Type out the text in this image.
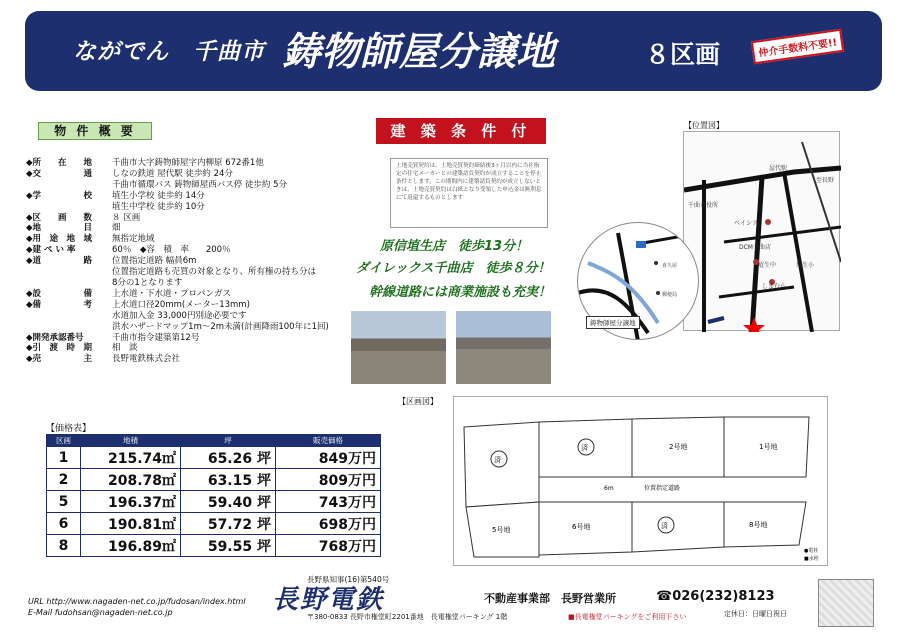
ながでん　千曲市 鋳物師屋分譲地	８区画	仲介手数料不要!!
物 件 概 要
◆所　　在　　地	千曲市大字鋳物師屋字内柳原 672番1他
◆交　　　　　通	しなの鉄道 屋代駅 徒歩約 24分
千曲市循環バス 鋳物師屋西バス停 徒歩約 5分
◆学　　　　　校	埴生小学校 徒歩約 14分
埴生中学校 徒歩約 10分
◆区　　画　　数	８ 区画
◆地　　　　　目	畑
◆用　途　地　域	無指定地域
◆建 ぺ い 率	60％　◆容　積　率　　200％
◆道　　　　　路	位置指定道路 幅員6m
位置指定道路も売買の対象となり、所有権の持ち分は
8分の1となります
◆設　　　　　備	上水道・下水道・プロパンガス
◆備　　　　　考	上水道口径20mm(メーター13mm)
水道加入金 33,000円別途必要です
洪水ハザードマップ1m～2m未満(計画降雨100年に1回)
◆開発承認番号	千曲市指令建築第12号
◆引　渡　時　期	相　談
◆売　　　　　主	長野電鉄株式会社
建 築 条 件 付
土地売買契約は、土地売買契約締結後3ヶ月以内に当社指定の住宅メーカーとの建築請負契約が成立することを停止条件とします。この期間内に建築請負契約が成立しないときは、土地売買契約は白紙となり受領した申込金は無利息にて返還するものとします
【位置図】
千曲市役所
ベイシア
DCM千曲店
埴生中	埴生小
しまむら
屋代駅
至長野
原信埴生店　徒歩13分！
ダイレックス千曲店　徒歩８分！
幹線道路には商業施設も充実！
喜久屋
郵便局
鋳物師屋分譲地
【区画図】
済
済
済
2号地	1号地
5号地	6号地	8号地
位置指定道路
6m
●電柱
■水栓
【価格表】
区画	地積	坪	販売価格
1	215.74㎡	65.26 坪	849万円
2	208.78㎡	63.15 坪	809万円
5	196.37㎡	59.40 坪	743万円
6	190.81㎡	57.72 坪	698万円
8	196.89㎡	59.55 坪	768万円
URL http://www.nagaden-net.co.jp/fudosan/index.html
E-Mail fudohsan@nagaden-net.co.jp
長野県知事(16)第540号
長野電鉄	不動産事業部　長野営業所	☎026(232)8123
〒380-0833 長野市権堂町2201番地　長電権堂パーキング 1階	■長電権堂パーキングをご利用下さい	定休日：日曜日祝日
